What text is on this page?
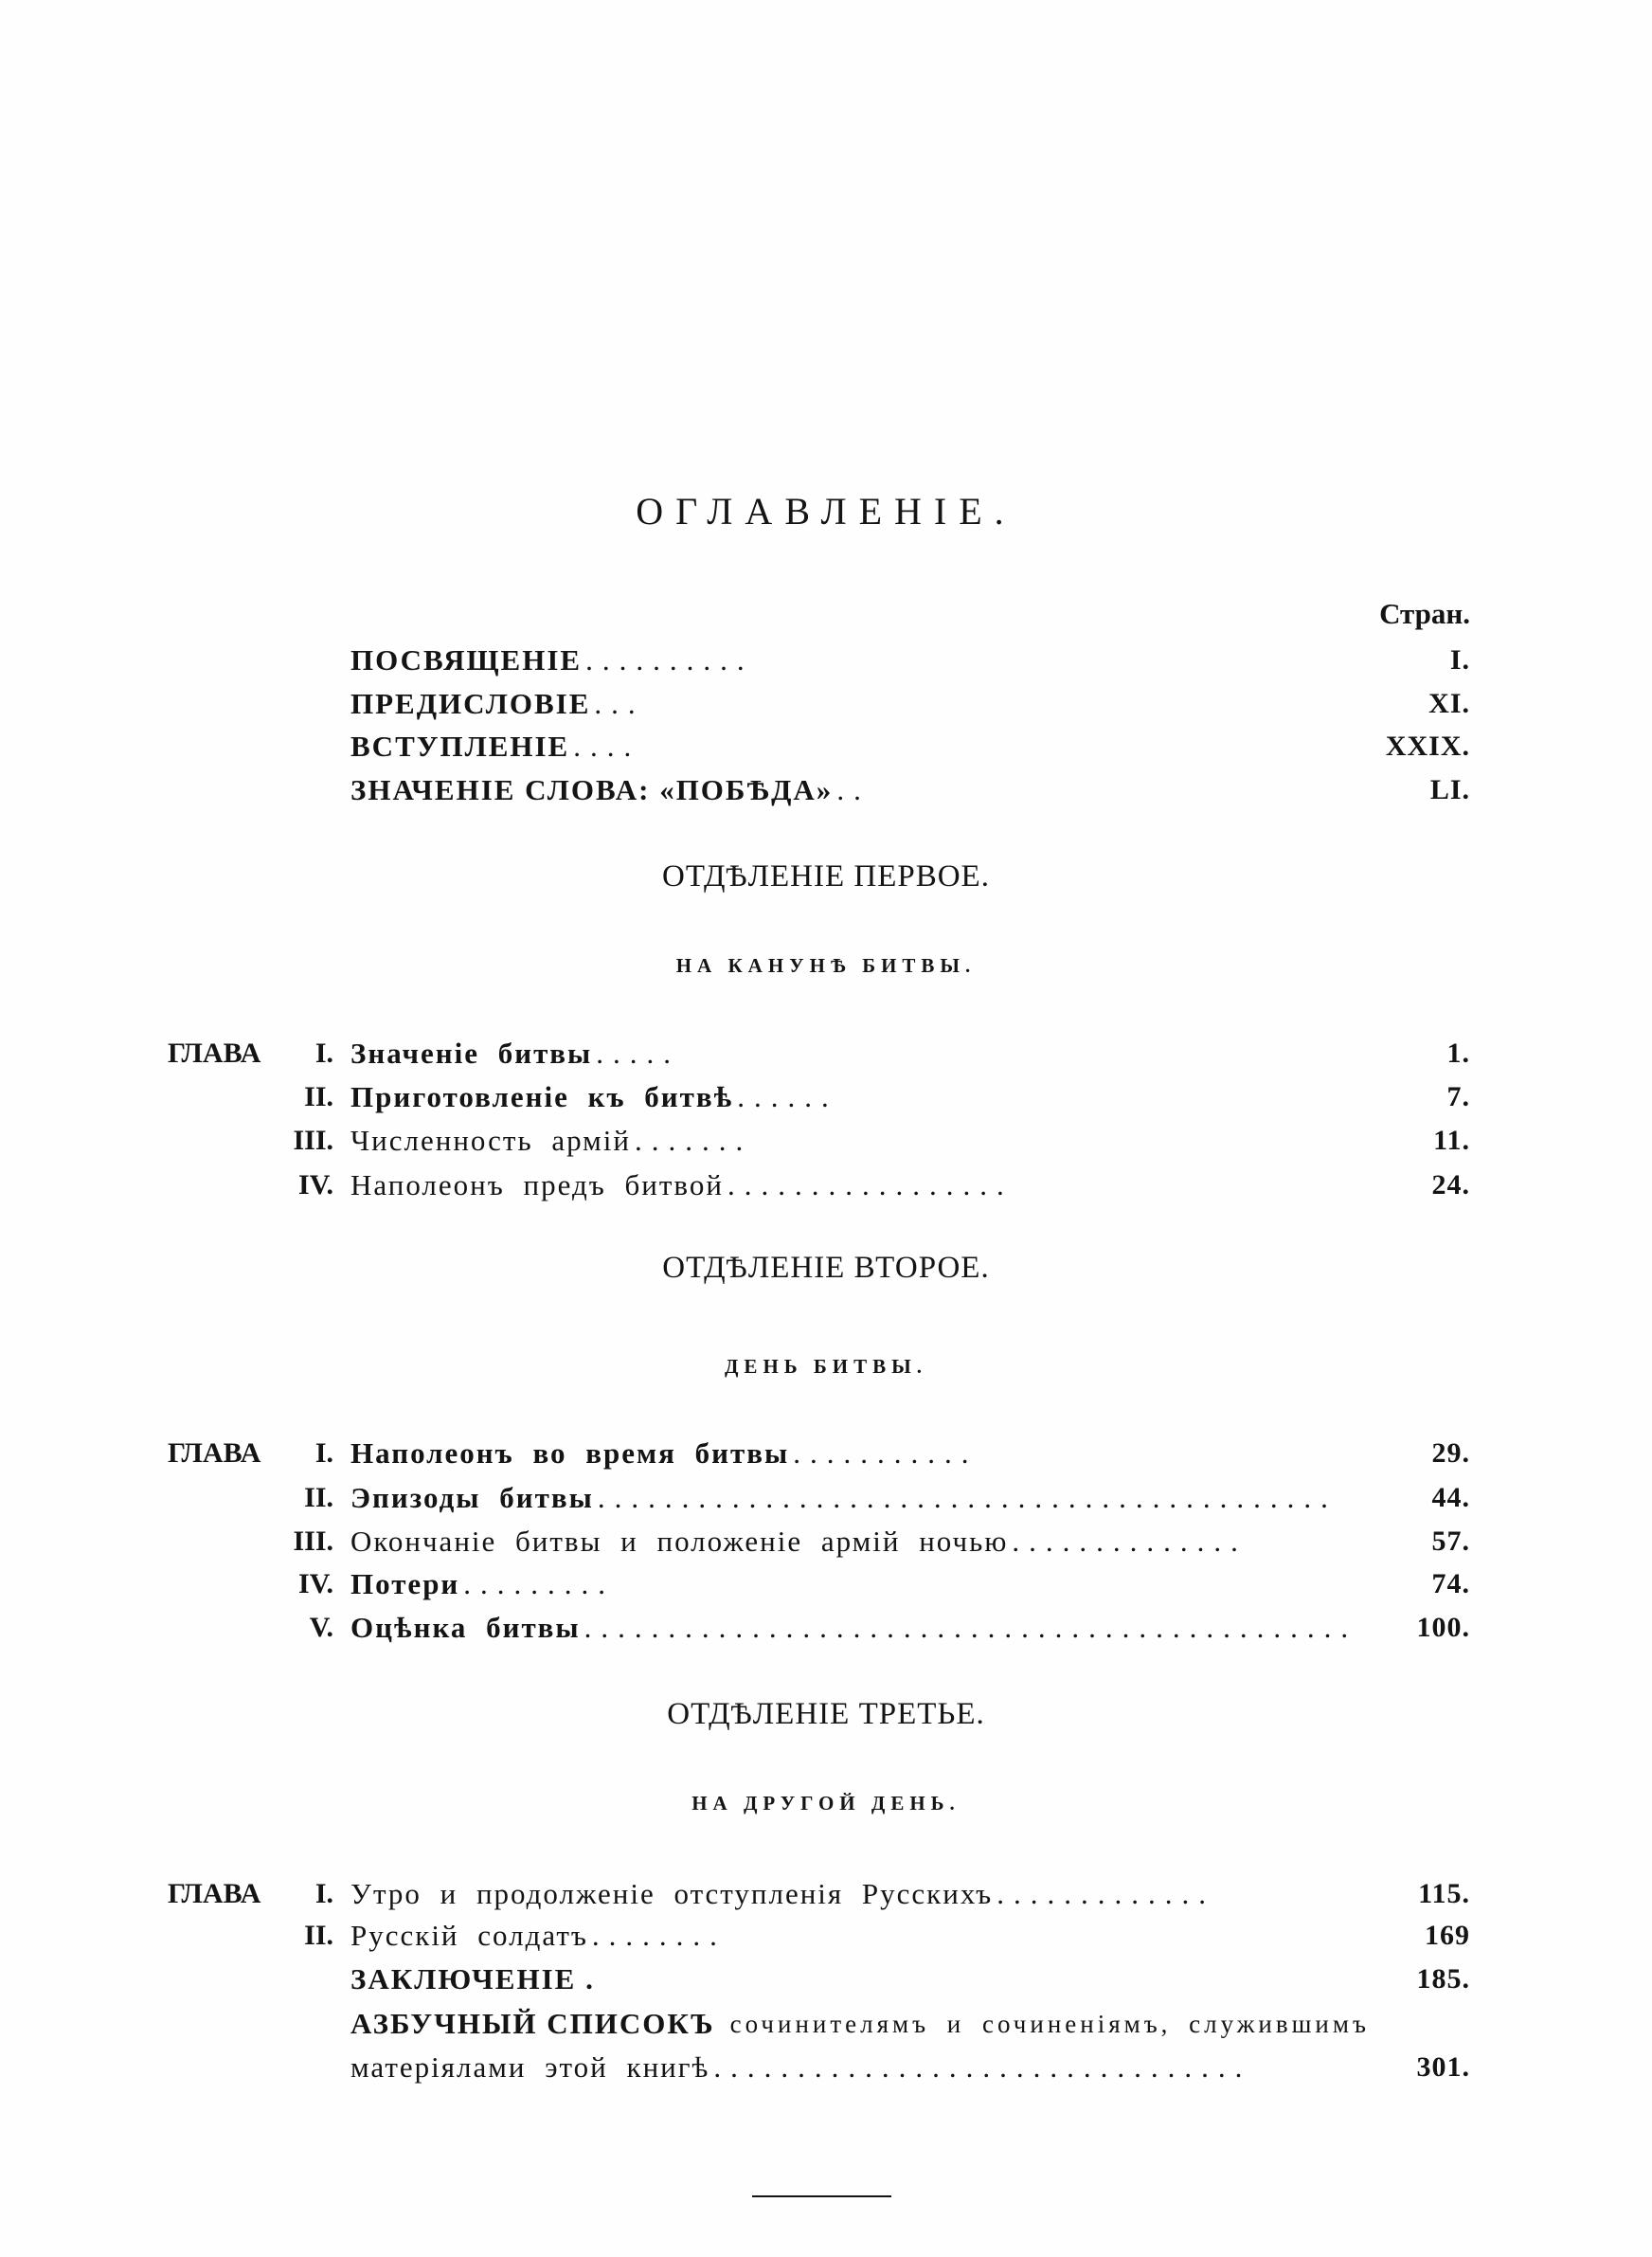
ОГЛАВЛЕНІЕ.
Стран.
ПОСВЯЩЕНІЕ ..........	I.
ПРЕДИСЛОВІЕ ...	XI.
ВСТУПЛЕНІЕ ....	XXIX.
ЗНАЧЕНІЕ СЛОВА: «ПОБѢДА» ..	LI.
ОТДѢЛЕНІЕ ПЕРВОЕ.
НА КАНУНѢ БИТВЫ.
ГЛАВА	I. Значеніе битвы .....	1.
II. Приготовленіе къ битвѣ ......	7.
III. Численность армій .......	11.
IV. Наполеонъ предъ битвой .................	24.
ОТДѢЛЕНІЕ ВТОРОЕ.
ДЕНЬ БИТВЫ.
ГЛАВА	I. Наполеонъ во время битвы ...........	29.
II. Эпизоды битвы ............................................	44.
III. Окончаніе битвы и положеніе армій ночью ..............	57.
IV. Потери .........	74.
V. Оцѣнка битвы ..............................................	100.
ОТДѢЛЕНІЕ ТРЕТЬЕ.
НА ДРУГОЙ ДЕНЬ.
ГЛАВА	I. Утро и продолженіе отступленія Русскихъ .............	115.
II. Русскій солдатъ ........	169
ЗАКЛЮЧЕНІЕ .	185.
АЗБУЧНЫЙ СПИСОКЪ сочинителямъ и сочиненіямъ, служившимъ
матеріялами этой книгѣ ................................	301.
